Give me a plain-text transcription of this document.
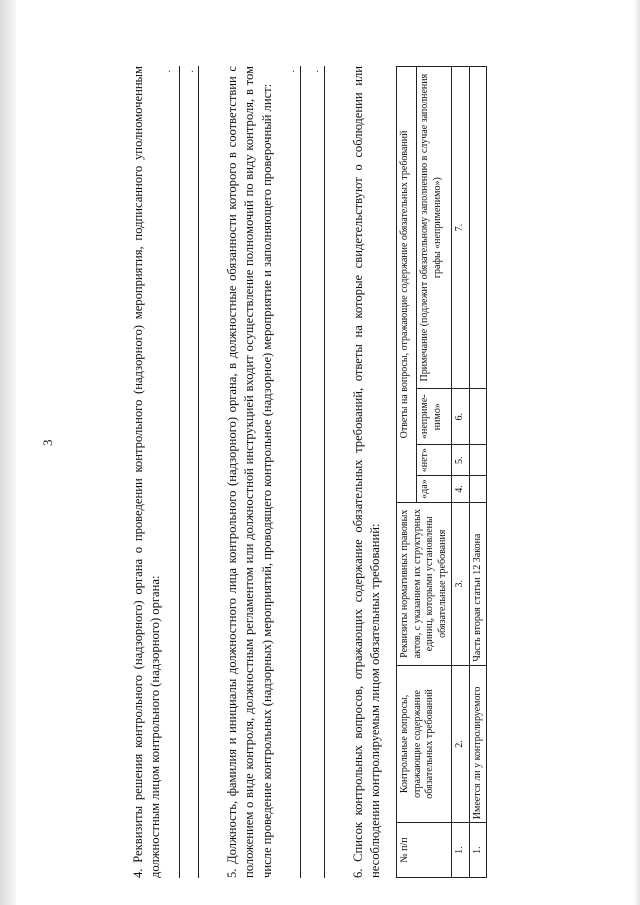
3
.
4. Реквизиты решения контрольного (надзорного) органа о проведении контрольного (надзорного) мероприятия, подписанного уполномоченным должностным лицом контрольного (надзорного) органа:
. 5. Должность, фамилия и инициалы должностного лица контрольного (надзорного) органа, в должностные обязанности которого в соответствии с положением о виде контроля, должностным регламентом или должностной инструкцией входит осуществление полномочий по виду контроля, в том числе проведение контрольных (надзорных) мероприятий, проводящего контрольное (надзорное) мероприятие и заполняющего проверочный лист:
. . 6. Список контрольных вопросов, отражающих содержание обязательных требований, ответы на которые свидетельствуют о соблюдении или несоблюдении контролируемым лицом обязательных требований: № п/п	Контрольные вопросы, отражающие содержание обязательных требований	Реквизиты нормативных правовых актов, с указанием их структурных единиц, которыми установлены обязательные требования	Ответы на вопросы, отражающие содержание обязательных требований			
			«да»	«нет»	«неприме-нимо»	Примечание (подлежит обязательному заполнению в случае заполнения графы «неприменимо»)
1.	2.	3.	4.	5.	6.	7.
1.	Имеется ли у контролируемого	Часть вторая статьи 12 Закона				
